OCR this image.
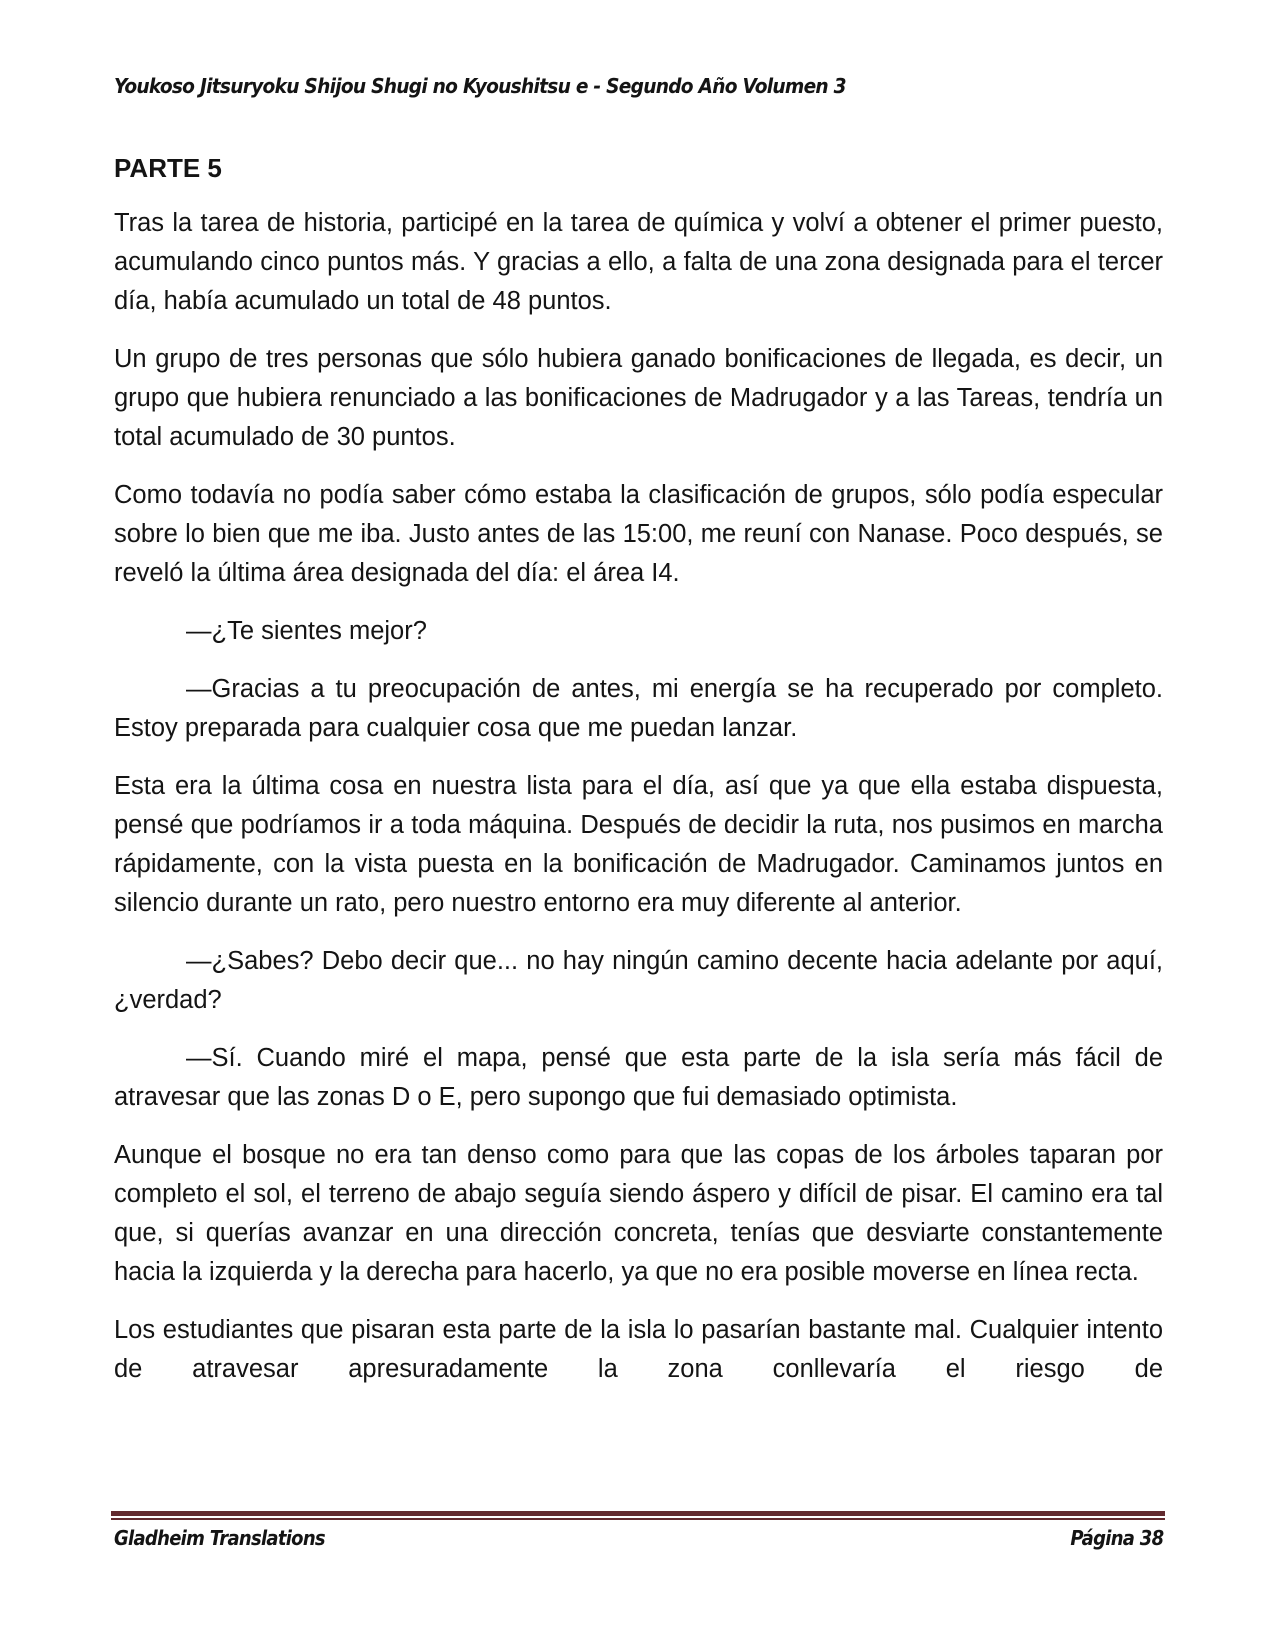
Youkoso Jitsuryoku Shijou Shugi no Kyoushitsu e - Segundo Año Volumen 3
PARTE 5

Tras la tarea de historia, participé en la tarea de química y volví a obtener el primer puesto, acumulando cinco puntos más. Y gracias a ello, a falta de una zona designada para el tercer día, había acumulado un total de 48 puntos.

Un grupo de tres personas que sólo hubiera ganado bonificaciones de llegada, es decir, un grupo que hubiera renunciado a las bonificaciones de Madrugador y a las Tareas, tendría un total acumulado de 30 puntos.

Como todavía no podía saber cómo estaba la clasificación de grupos, sólo podía especular sobre lo bien que me iba. Justo antes de las 15:00, me reuní con Nanase. Poco después, se reveló la última área designada del día: el área I4.

—¿Te sientes mejor?

—Gracias a tu preocupación de antes, mi energía se ha recuperado por completo. Estoy preparada para cualquier cosa que me puedan lanzar.

Esta era la última cosa en nuestra lista para el día, así que ya que ella estaba dispuesta, pensé que podríamos ir a toda máquina. Después de decidir la ruta, nos pusimos en marcha rápidamente, con la vista puesta en la bonificación de Madrugador. Caminamos juntos en silencio durante un rato, pero nuestro entorno era muy diferente al anterior.

—¿Sabes? Debo decir que... no hay ningún camino decente hacia adelante por aquí, ¿verdad?

—Sí. Cuando miré el mapa, pensé que esta parte de la isla sería más fácil de atravesar que las zonas D o E, pero supongo que fui demasiado optimista.

Aunque el bosque no era tan denso como para que las copas de los árboles taparan por completo el sol, el terreno de abajo seguía siendo áspero y difícil de pisar. El camino era tal que, si querías avanzar en una dirección concreta, tenías que desviarte constantemente hacia la izquierda y la derecha para hacerlo, ya que no era posible moverse en línea recta.

Los estudiantes que pisaran esta parte de la isla lo pasarían bastante mal. Cualquier intento de atravesar apresuradamente la zona conllevaría el riesgo de

Gladheim Translations	Página 38
